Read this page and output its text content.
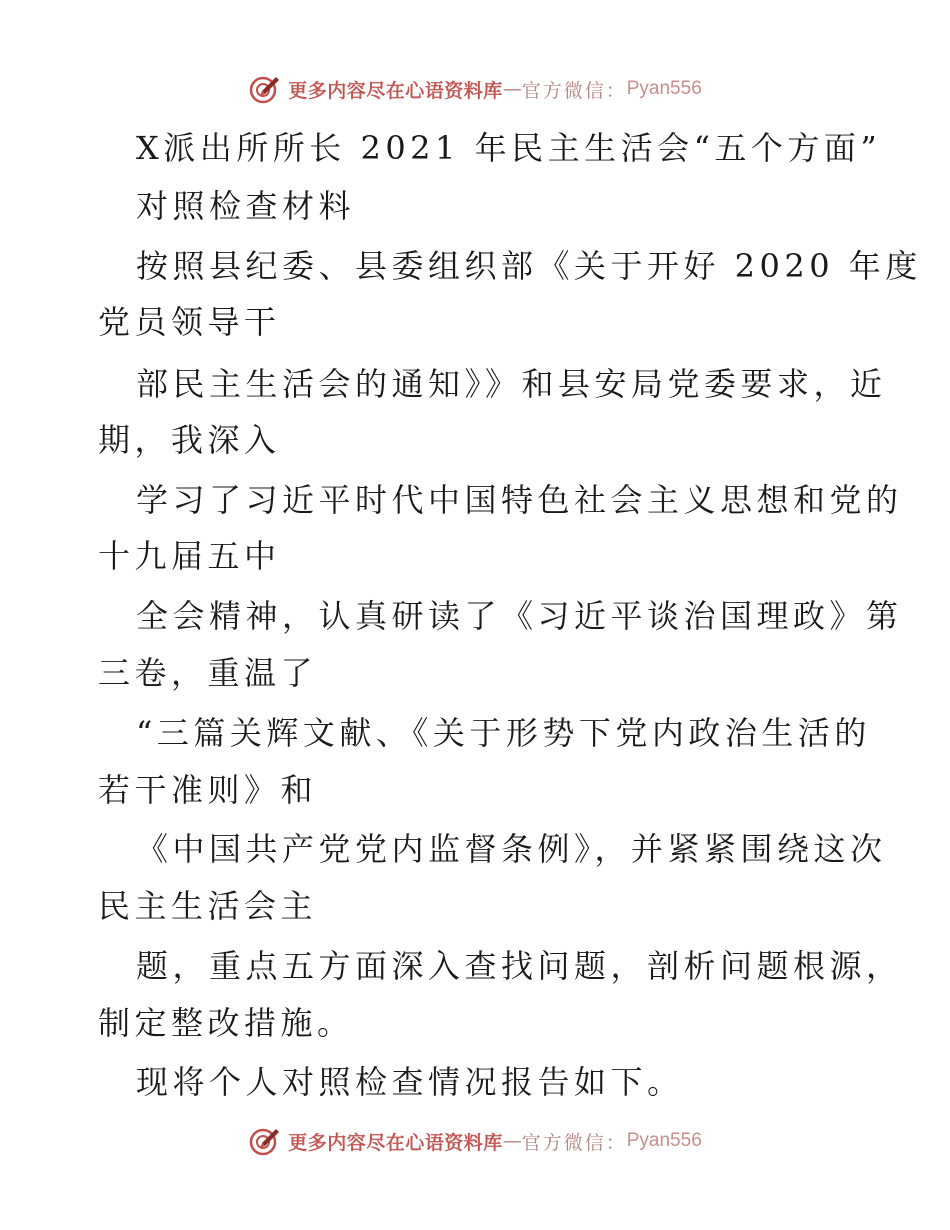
更多内容尽在心语资料库 — 官方微信： Pyan556
X派出所所长 2021 年民主生活会“五个方面”
对照检查材料
按照县纪委、县委组织部《关于开好 2020 年度
党员领导干
部民主生活会的通知》》和县安局党委要求，近
期，我深入
学习了习近平时代中国特色社会主义思想和党的
十九届五中
全会精神，认真研读了《习近平谈治国理政》第
三卷，重温了
“三篇关辉文献、《关于形势下党内政治生活的
若干准则》和
《中国共产党党内监督条例》，并紧紧围绕这次
民主生活会主
题，重点五方面深入查找问题，剖析问题根源，
制定整改措施。
现将个人对照检查情况报告如下。
更多内容尽在心语资料库 — 官方微信： Pyan556
